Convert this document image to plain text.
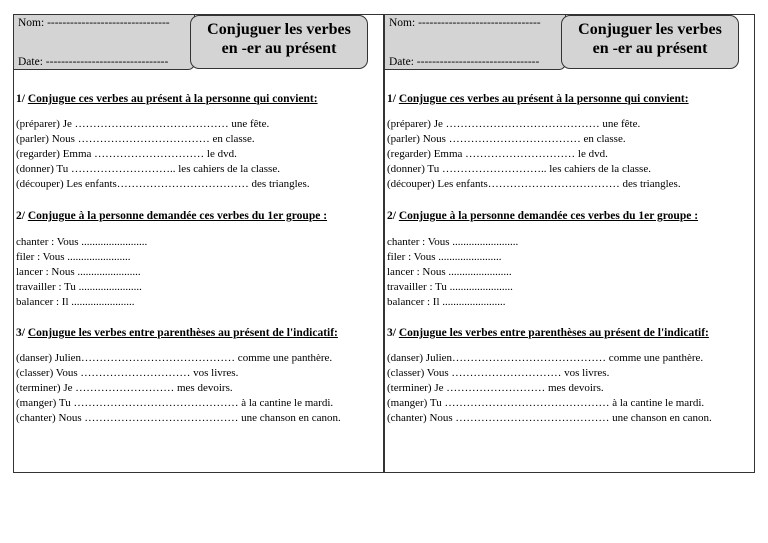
Nom: --------------------------------
Date: --------------------------------
Conjuguer les verbes
en -er au présent
1/ Conjugue ces verbes au présent à la personne qui convient:
(préparer) Je …………………………………… une fête.
(parler) Nous ……………………………… en classe.
(regarder) Emma ………………………… le dvd.
(donner) Tu ……………………….. les cahiers de la classe.
(découper) Les enfants……………………………… des triangles.
2/ Conjugue à la personne demandée ces verbes du 1er groupe :
chanter : Vous ........................
filer : Vous .......................
lancer : Nous .......................
travailler : Tu .......................
balancer : Il .......................
3/ Conjugue les verbes entre parenthèses au présent de l'indicatif:
(danser) Julien…………………………………… comme une panthère.
(classer) Vous ………………………… vos livres.
(terminer) Je ……………………… mes devoirs.
(manger) Tu ……………………………………… à la cantine le mardi.
(chanter) Nous …………………………………… une chanson en canon.
Nom: --------------------------------
Date: --------------------------------
Conjuguer les verbes
en -er au présent
1/ Conjugue ces verbes au présent à la personne qui convient:
(préparer) Je …………………………………… une fête.
(parler) Nous ……………………………… en classe.
(regarder) Emma ………………………… le dvd.
(donner) Tu ……………………….. les cahiers de la classe.
(découper) Les enfants……………………………… des triangles.
2/ Conjugue à la personne demandée ces verbes du 1er groupe :
chanter : Vous ........................
filer : Vous .......................
lancer : Nous .......................
travailler : Tu .......................
balancer : Il .......................
3/ Conjugue les verbes entre parenthèses au présent de l'indicatif:
(danser) Julien…………………………………… comme une panthère.
(classer) Vous ………………………… vos livres.
(terminer) Je ……………………… mes devoirs.
(manger) Tu ……………………………………… à la cantine le mardi.
(chanter) Nous …………………………………… une chanson en canon.
